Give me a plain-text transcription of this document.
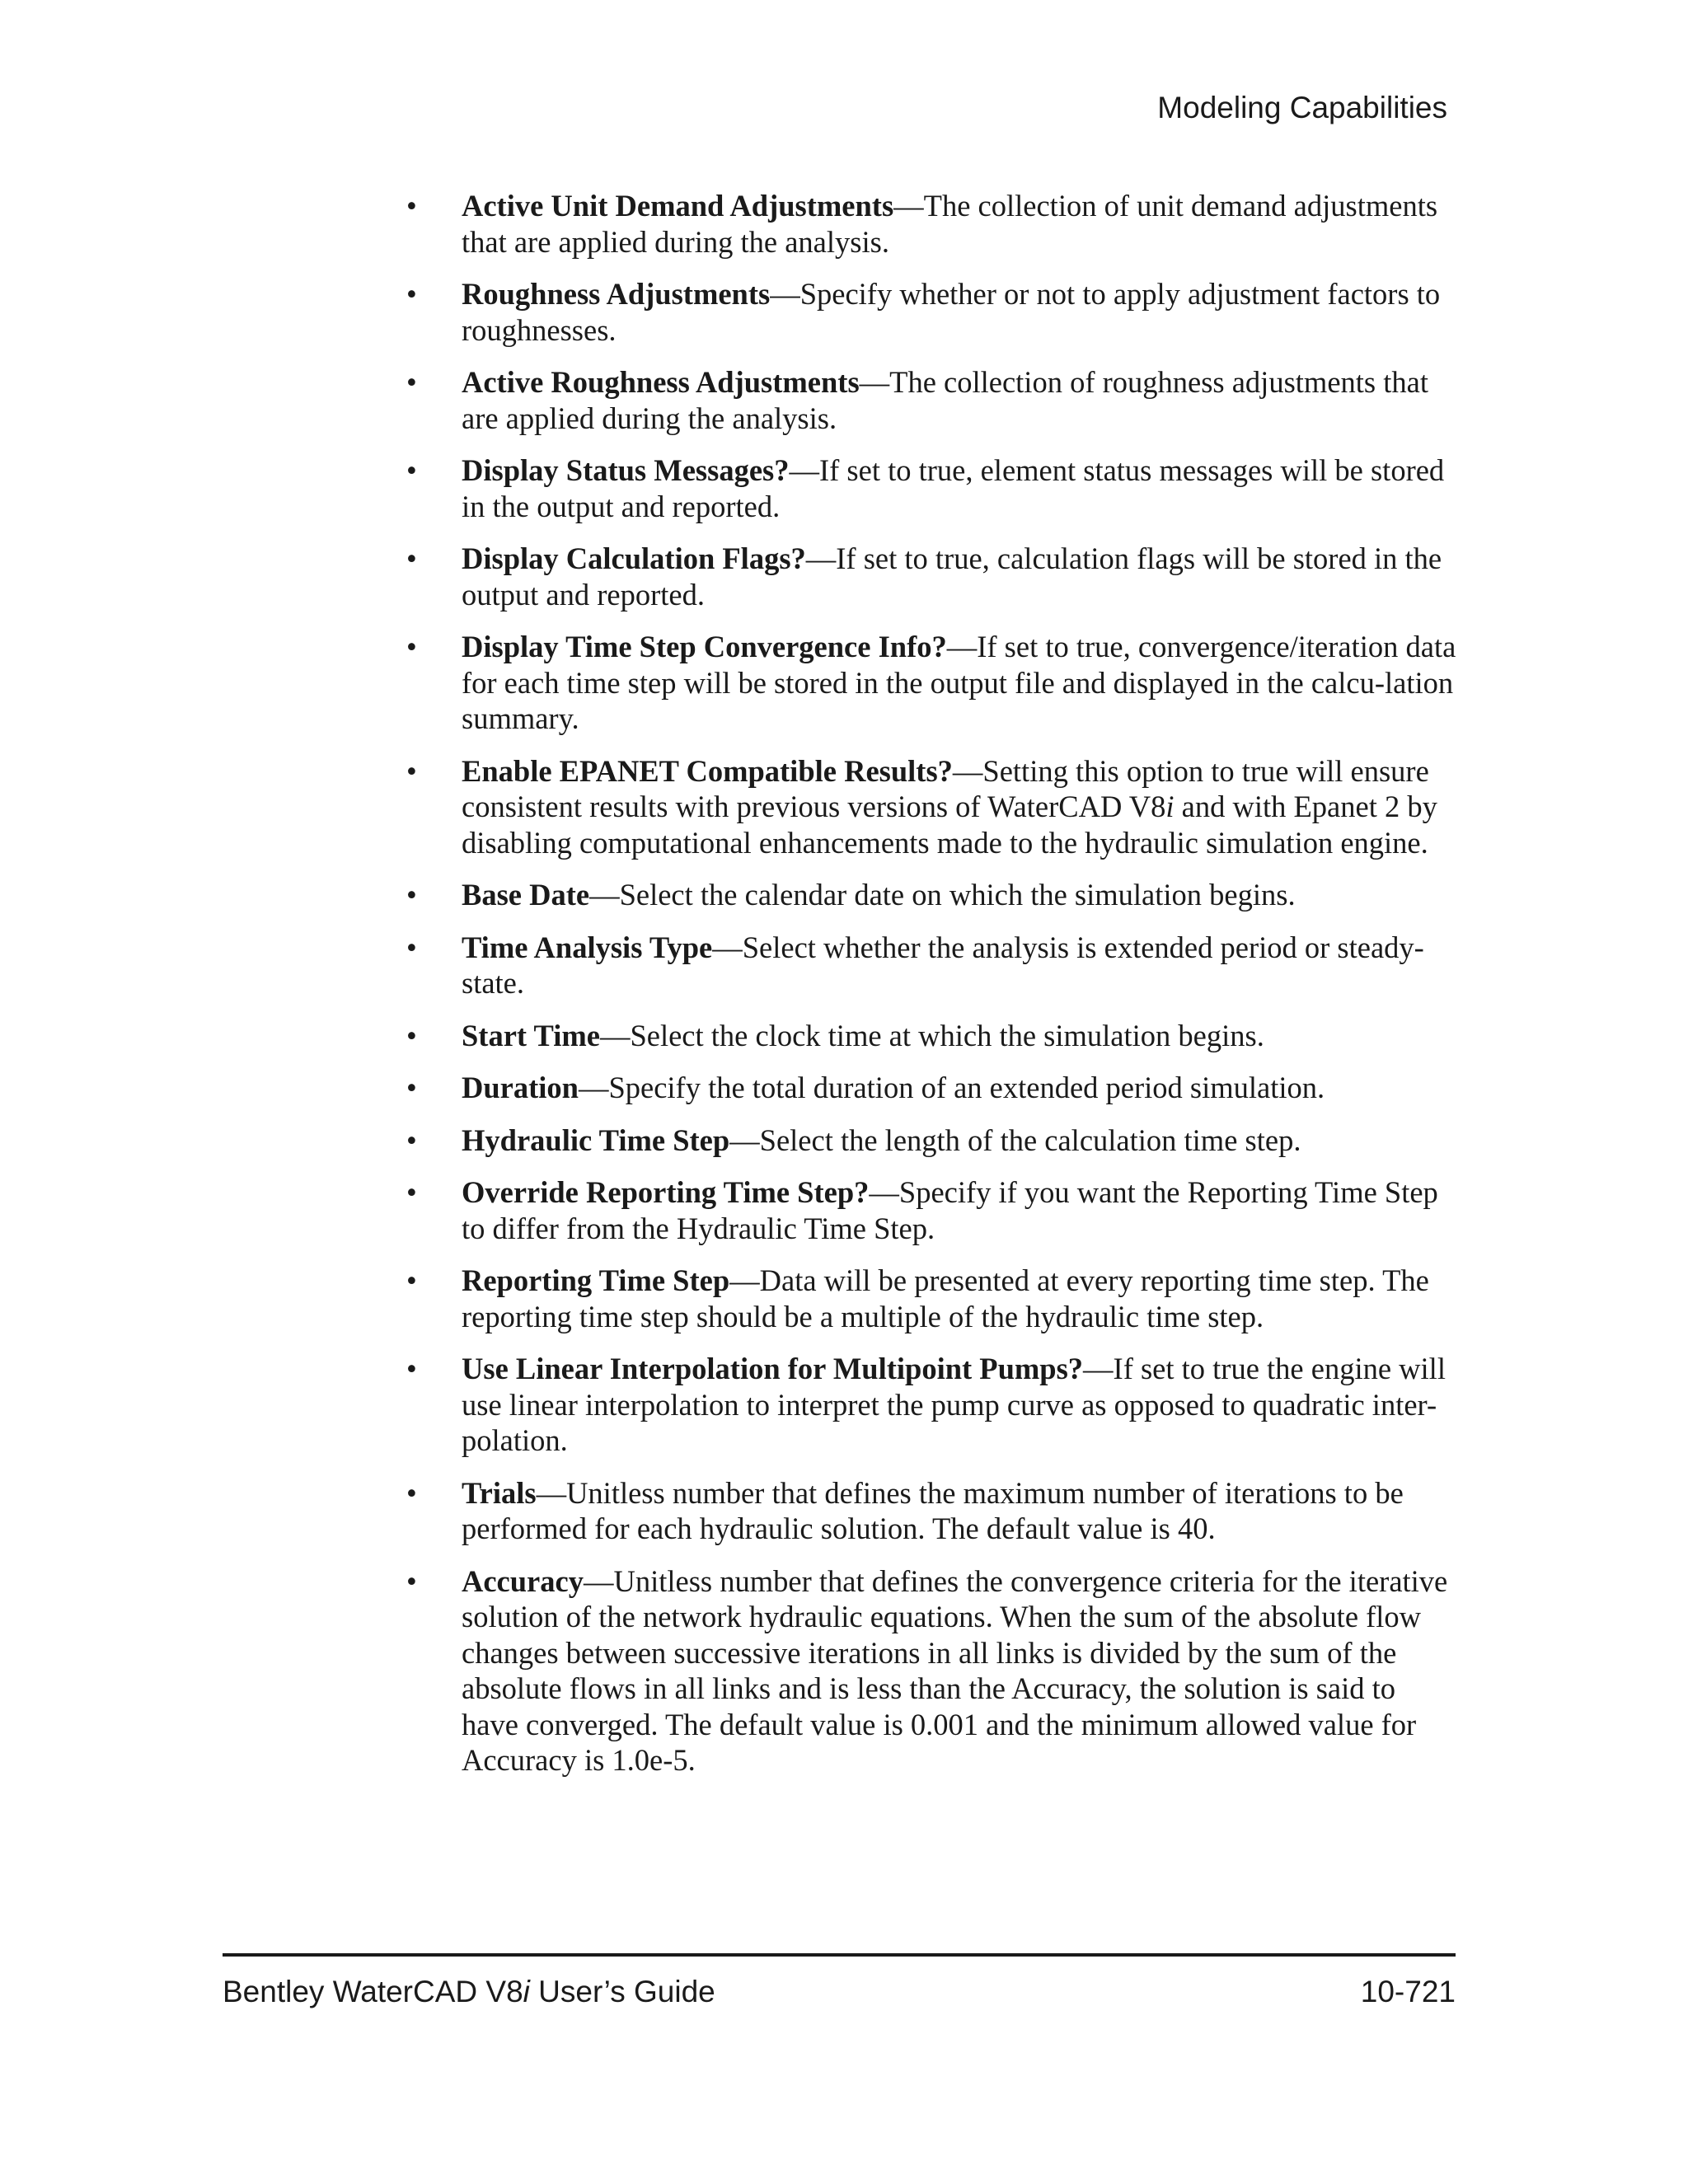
Modeling Capabilities
• Active Unit Demand Adjustments—The collection of unit demand adjustments that are applied during the analysis.
• Roughness Adjustments—Specify whether or not to apply adjustment factors to roughnesses.
• Active Roughness Adjustments—The collection of roughness adjustments that are applied during the analysis.
• Display Status Messages?—If set to true, element status messages will be stored in the output and reported.
• Display Calculation Flags?—If set to true, calculation flags will be stored in the output and reported.
• Display Time Step Convergence Info?—If set to true, convergence/iteration data for each time step will be stored in the output file and displayed in the calcu-lation summary.
• Enable EPANET Compatible Results?—Setting this option to true will ensure consistent results with previous versions of WaterCAD V8i and with Epanet 2 by disabling computational enhancements made to the hydraulic simulation engine.
• Base Date—Select the calendar date on which the simulation begins.
• Time Analysis Type—Select whether the analysis is extended period or steady-state.
• Start Time—Select the clock time at which the simulation begins.
• Duration—Specify the total duration of an extended period simulation.
• Hydraulic Time Step—Select the length of the calculation time step.
• Override Reporting Time Step?—Specify if you want the Reporting Time Step to differ from the Hydraulic Time Step.
• Reporting Time Step—Data will be presented at every reporting time step. The reporting time step should be a multiple of the hydraulic time step.
• Use Linear Interpolation for Multipoint Pumps?—If set to true the engine will use linear interpolation to interpret the pump curve as opposed to quadratic inter-polation.
• Trials—Unitless number that defines the maximum number of iterations to be performed for each hydraulic solution. The default value is 40.
• Accuracy—Unitless number that defines the convergence criteria for the iterative solution of the network hydraulic equations. When the sum of the absolute flow changes between successive iterations in all links is divided by the sum of the absolute flows in all links and is less than the Accuracy, the solution is said to have converged. The default value is 0.001 and the minimum allowed value for Accuracy is 1.0e-5.
Bentley WaterCAD V8i User’s Guide	10-721
